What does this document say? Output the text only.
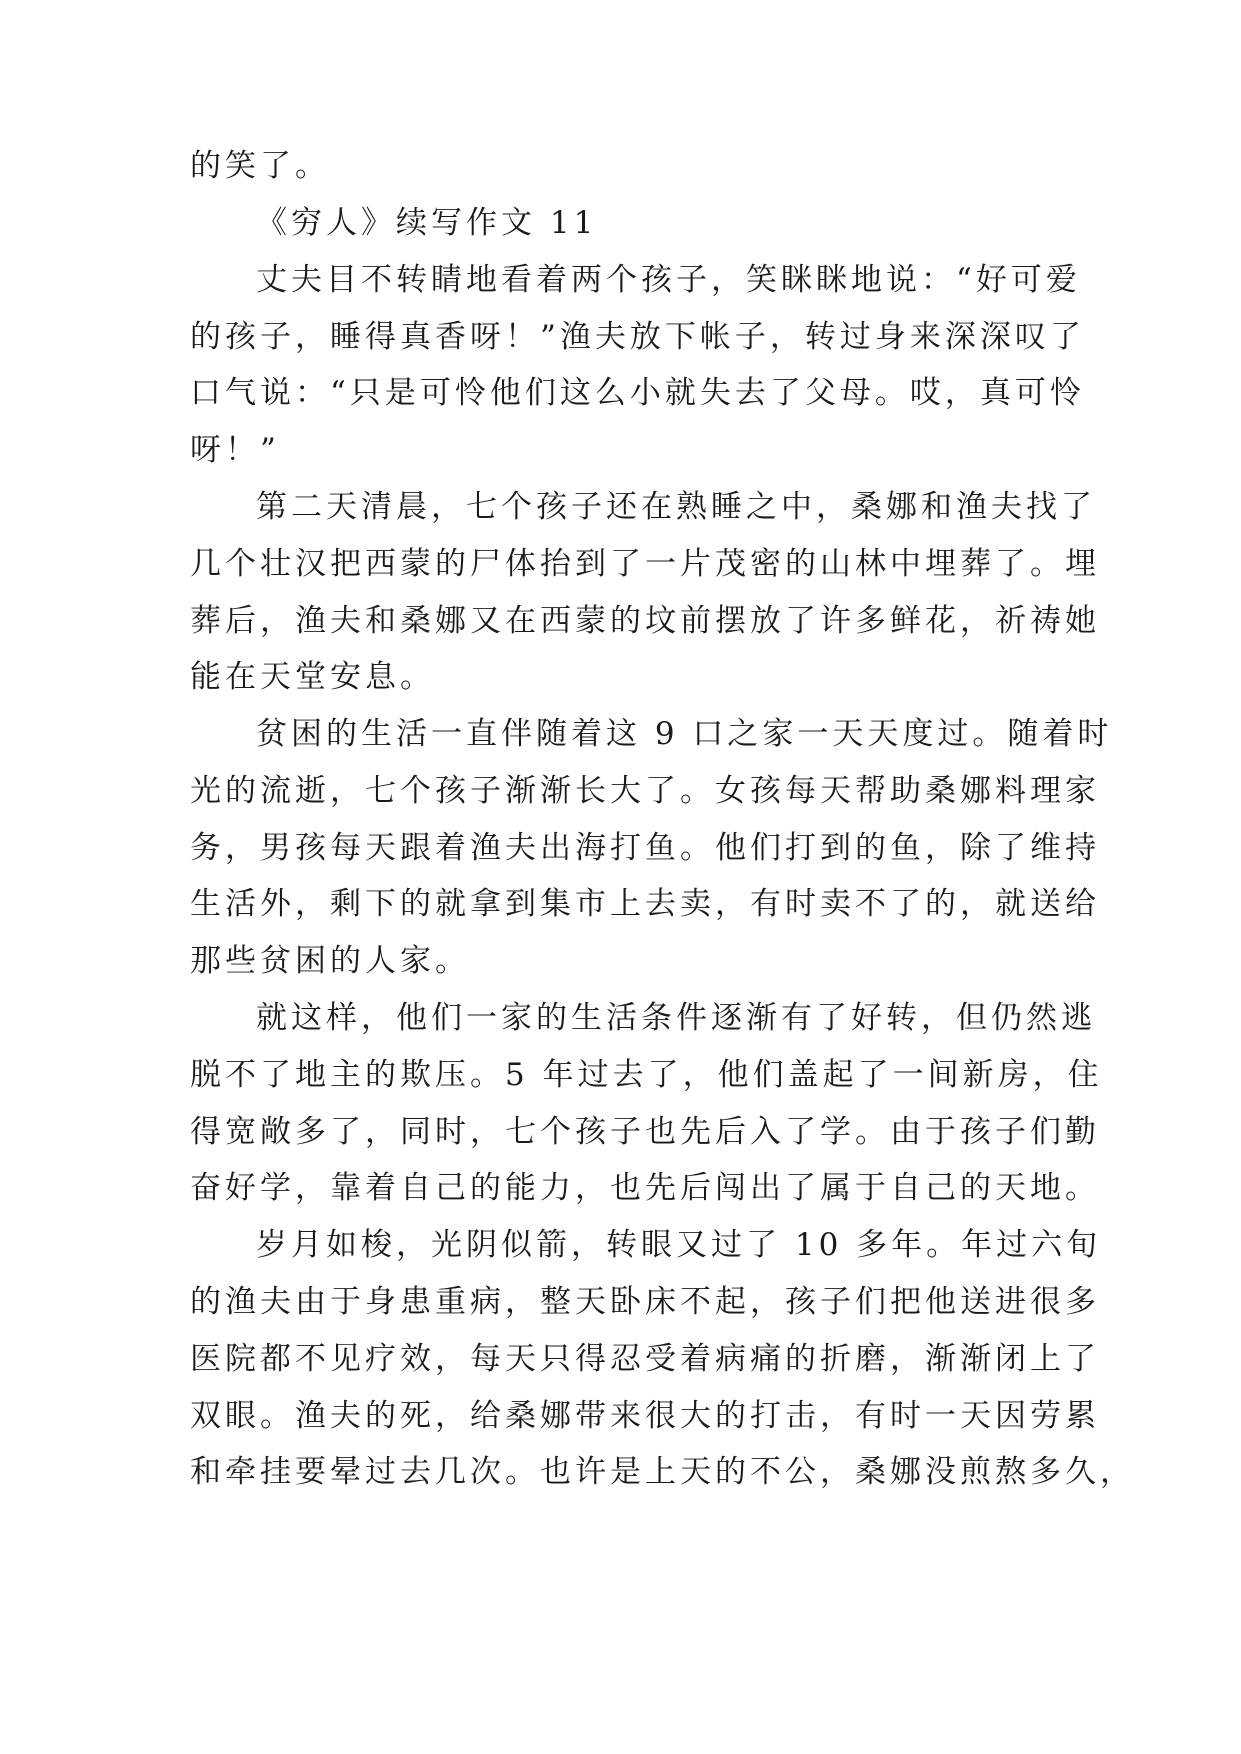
的笑了。
《穷人》续写作文 11
丈夫目不转睛地看着两个孩子，笑眯眯地说：“好可爱
的孩子，睡得真香呀！”渔夫放下帐子，转过身来深深叹了
口气说：“只是可怜他们这么小就失去了父母。哎，真可怜
呀！”
第二天清晨，七个孩子还在熟睡之中，桑娜和渔夫找了
几个壮汉把西蒙的尸体抬到了一片茂密的山林中埋葬了。埋
葬后，渔夫和桑娜又在西蒙的坟前摆放了许多鲜花，祈祷她
能在天堂安息。
贫困的生活一直伴随着这 9 口之家一天天度过。随着时
光的流逝，七个孩子渐渐长大了。女孩每天帮助桑娜料理家
务，男孩每天跟着渔夫出海打鱼。他们打到的鱼，除了维持
生活外，剩下的就拿到集市上去卖，有时卖不了的，就送给
那些贫困的人家。
就这样，他们一家的生活条件逐渐有了好转，但仍然逃
脱不了地主的欺压。5 年过去了，他们盖起了一间新房，住
得宽敞多了，同时，七个孩子也先后入了学。由于孩子们勤
奋好学，靠着自己的能力，也先后闯出了属于自己的天地。
岁月如梭，光阴似箭，转眼又过了 10 多年。年过六旬
的渔夫由于身患重病，整天卧床不起，孩子们把他送进很多
医院都不见疗效，每天只得忍受着病痛的折磨，渐渐闭上了
双眼。渔夫的死，给桑娜带来很大的打击，有时一天因劳累
和牵挂要晕过去几次。也许是上天的不公，桑娜没煎熬多久，
